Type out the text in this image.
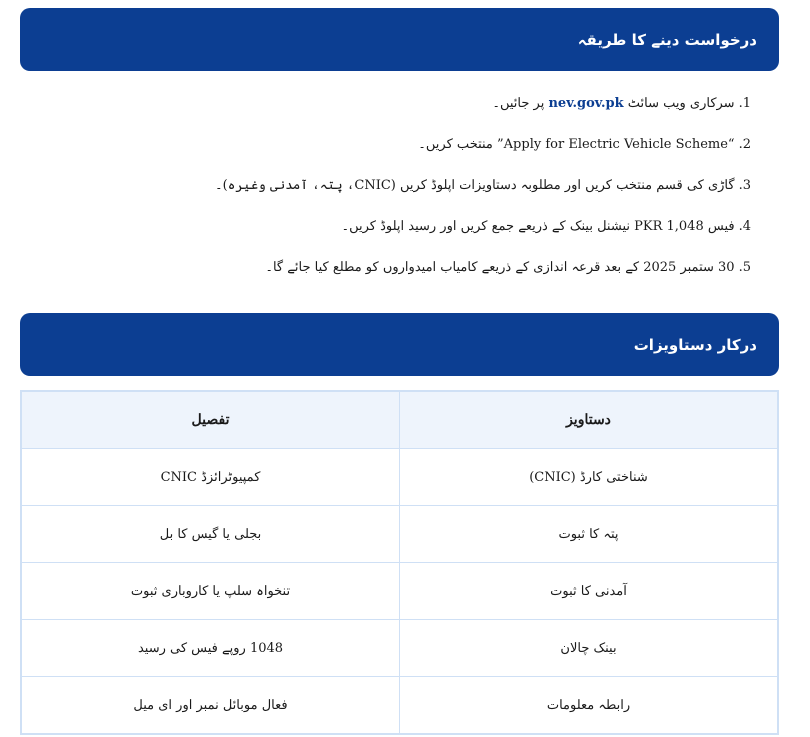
درخواست دینے کا طریقہ
1.سرکاری ویب سائٹ nev.gov.pk پر جائیں۔
2.“Apply for Electric Vehicle Scheme” منتخب کریں۔
3.گاڑی کی قسم منتخب کریں اور مطلوبہ دستاویزات اپلوڈ کریں (CNIC، پتہ، آمدنی وغیرہ)۔
4.فیس PKR 1,048 نیشنل بینک کے ذریعے جمع کریں اور رسید اپلوڈ کریں۔
5.30 ستمبر 2025 کے بعد قرعہ اندازی کے ذریعے کامیاب امیدواروں کو مطلع کیا جائے گا۔
درکار دستاویزات
دستاویز	تفصیل
شناختی کارڈ (CNIC)	کمپیوٹرائزڈ CNIC
پتہ کا ثبوت	بجلی یا گیس کا بل
آمدنی کا ثبوت	تنخواہ سلپ یا کاروباری ثبوت
بینک چالان	1048 روپے فیس کی رسید
رابطہ معلومات	فعال موبائل نمبر اور ای میل
